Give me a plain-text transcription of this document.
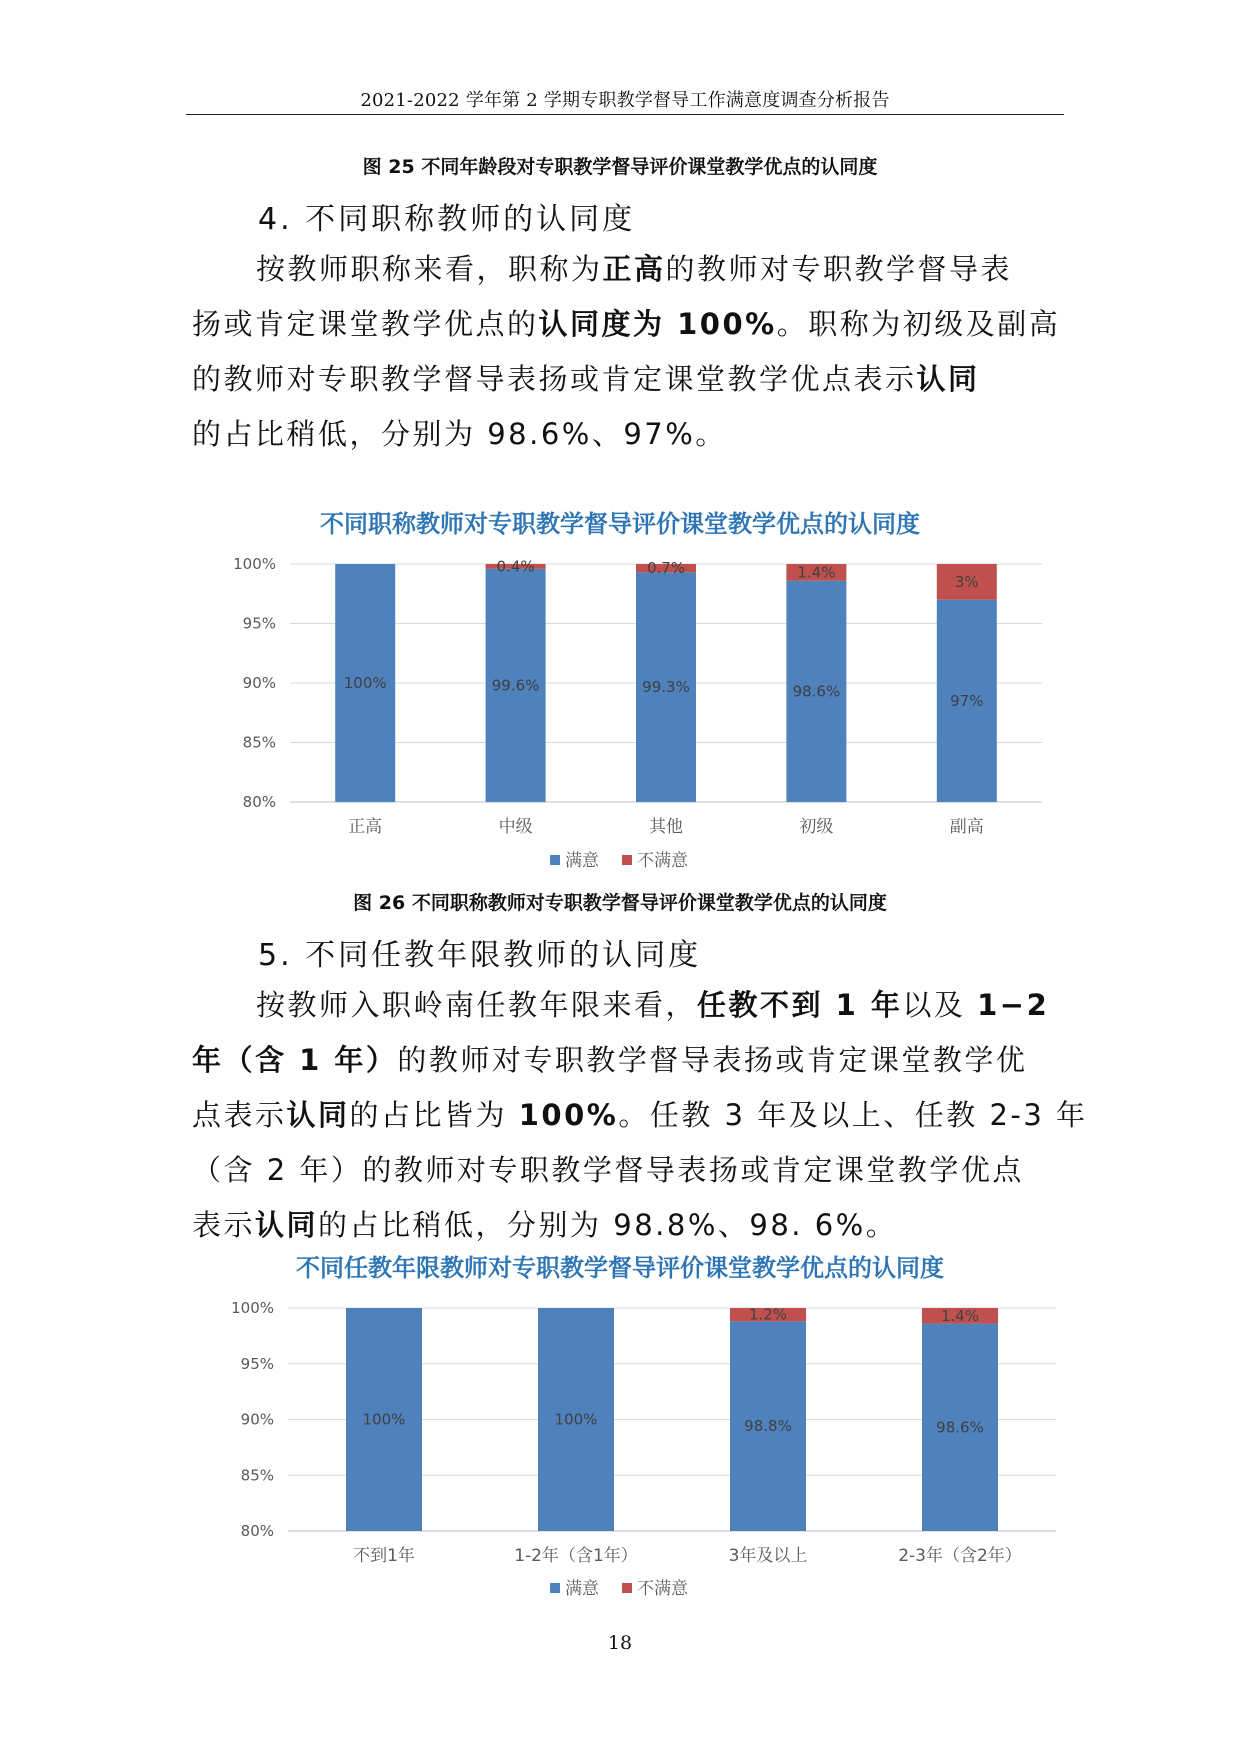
2021-2022 学年第 2 学期专职教学督导工作满意度调查分析报告
图 25 不同年龄段对专职教学督导评价课堂教学优点的认同度
4. 不同职称教师的认同度
按教师职称来看，职称为正高的教师对专职教学督导表
扬或肯定课堂教学优点的认同度为 100%。职称为初级及副高
的教师对专职教学督导表扬或肯定课堂教学优点表示认同
的占比稍低，分别为 98.6%、97%。
不同职称教师对专职教学督导评价课堂教学优点的认同度
80%
85%
90%
95%
100%
100%
正高
0.4%
99.6%
中级
0.7%
99.3%
其他
1.4%
98.6%
初级
3%
97%
副高
满意 不满意
图 26 不同职称教师对专职教学督导评价课堂教学优点的认同度
5. 不同任教年限教师的认同度
按教师入职岭南任教年限来看，任教不到 1 年以及 1−2
年（含 1 年）的教师对专职教学督导表扬或肯定课堂教学优
点表示认同的占比皆为 100%。任教 3 年及以上、任教 2-3 年
（含 2 年）的教师对专职教学督导表扬或肯定课堂教学优点
表示认同的占比稍低，分别为 98.8%、98. 6%。
不同任教年限教师对专职教学督导评价课堂教学优点的认同度
80%
85%
90%
95%
100%
100%
不到1年
100%
1-2年（含1年）
1.2%
98.8%
3年及以上
1.4%
98.6%
2-3年（含2年）
满意 不满意
18
